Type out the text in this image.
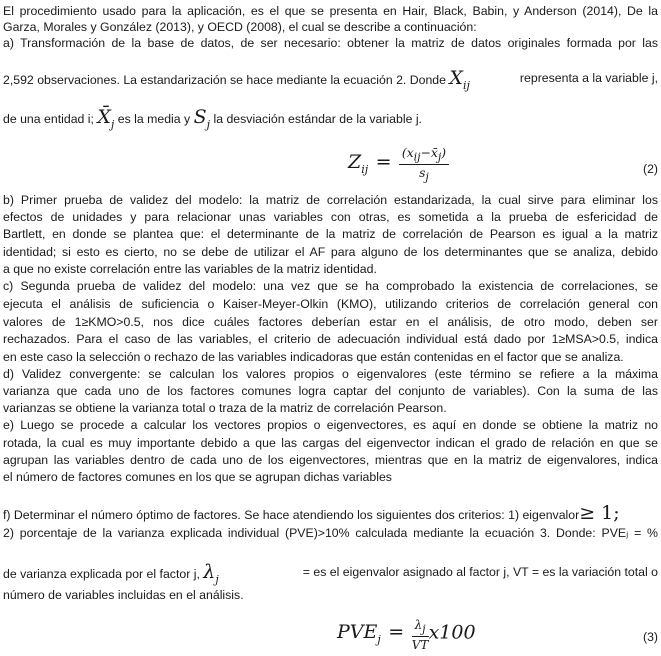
El procedimiento usado para la aplicación, es el que se presenta en Hair, Black, Babin, y Anderson (2014), De la
Garza, Morales y González (2013), y OECD (2008), el cual se describe a continuación:
a) Transformación de la base de datos, de ser necesario: obtener la matriz de datos originales formada por las
2,592 observaciones. La estandarización se hace mediante la ecuación 2. Donde $X_{ij}$
representa a la variable j,
de una entidad i; $X̄_j$ es la media y $S_j$ la desviación estándar de la variable j.
$Z_{ij} = \frac{(x_{ij}-x̄_j)}{s_j}$	(2)
b) Primer prueba de validez del modelo: la matriz de correlación estandarizada, la cual sirve para eliminar los
efectos de unidades y para relacionar unas variables con otras, es sometida a la prueba de esfericidad de
Bartlett, en donde se plantea que: el determinante de la matriz de correlación de Pearson es igual a la matriz
identidad; si esto es cierto, no se debe de utilizar el AF para alguno de los determinantes que se analiza, debido
a que no existe correlación entre las variables de la matriz identidad.
c) Segunda prueba de validez del modelo: una vez que se ha comprobado la existencia de correlaciones, se
ejecuta el análisis de suficiencia o Kaiser-Meyer-Olkin (KMO), utilizando criterios de correlación general con
valores de 1≥KMO>0.5, nos dice cuáles factores deberían estar en el análisis, de otro modo, deben ser
rechazados. Para el caso de las variables, el criterio de adecuación individual está dado por 1≥MSA>0.5, indica
en este caso la selección o rechazo de las variables indicadoras que están contenidas en el factor que se analiza.
d) Validez convergente: se calculan los valores propios o eigenvalores (este término se refiere a la máxima
varianza que cada uno de los factores comunes logra captar del conjunto de variables). Con la suma de las
varianzas se obtiene la varianza total o traza de la matriz de correlación Pearson.
e) Luego se procede a calcular los vectores propios o eigenvectores, es aquí en donde se obtiene la matriz no
rotada, la cual es muy importante debido a que las cargas del eigenvector indican el grado de relación en que se
agrupan las variables dentro de cada uno de los eigenvectores, mientras que en la matriz de eigenvalores, indica
el número de factores comunes en los que se agrupan dichas variables
f) Determinar el número óptimo de factores. Se hace atendiendo los siguientes dos criterios: 1) eigenvalor≥ 1;
2) porcentaje de la varianza explicada individual (PVE)>10% calculada mediante la ecuación 3. Donde: PVEⱼ = %
de varianza explicada por el factor j, $\lambda_j$
= es el eigenvalor asignado al factor j, VT = es la variación total o
número de variables incluidas en el análisis.
$PVE_j = \frac{\lambda_j}{VT} x100$	(3)
